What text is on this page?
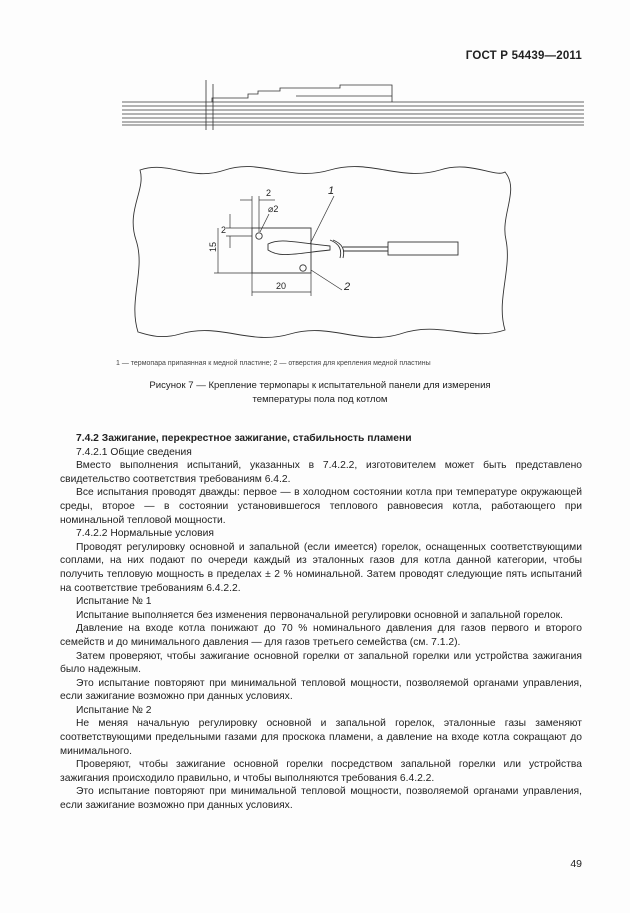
ГОСТ Р 54439—2011
2
⌀2
2
15
20
1
2
1 — термопара припаянная к медной пластине; 2 — отверстия для крепления медной пластины
Рисунок 7 — Крепление термопары к испытательной панели для измерения
температуры пола под котлом

7.4.2 Зажигание, перекрестное зажигание, стабильность пламени

7.4.2.1 Общие сведения

Вместо выполнения испытаний, указанных в 7.4.2.2, изготовителем может быть представлено свидетельство соответствия требованиям 6.4.2.

Все испытания проводят дважды: первое — в холодном состоянии котла при температуре окружающей среды, второе — в состоянии установившегося теплового равновесия котла, работающего при номинальной тепловой мощности.

7.4.2.2 Нормальные условия

Проводят регулировку основной и запальной (если имеется) горелок, оснащенных соответствующими соплами, на них подают по очереди каждый из эталонных газов для котла данной категории, чтобы получить тепловую мощность в пределах ± 2 % номинальной. Затем проводят следующие пять испытаний на соответствие требованиям 6.4.2.2.

Испытание № 1

Испытание выполняется без изменения первоначальной регулировки основной и запальной горелок.

Давление на входе котла понижают до 70 % номинального давления для газов первого и второго семейств и до минимального давления — для газов третьего семейства (см. 7.1.2).

Затем проверяют, чтобы зажигание основной горелки от запальной горелки или устройства зажигания было надежным.

Это испытание повторяют при минимальной тепловой мощности, позволяемой органами управления, если зажигание возможно при данных условиях.

Испытание № 2

Не меняя начальную регулировку основной и запальной горелок, эталонные газы заменяют соответствующими предельными газами для проскока пламени, а давление на входе котла сокращают до минимального.

Проверяют, чтобы зажигание основной горелки посредством запальной горелки или устройства зажигания происходило правильно, и чтобы выполняются требования 6.4.2.2.

Это испытание повторяют при минимальной тепловой мощности, позволяемой органами управления, если зажигание возможно при данных условиях.

49
